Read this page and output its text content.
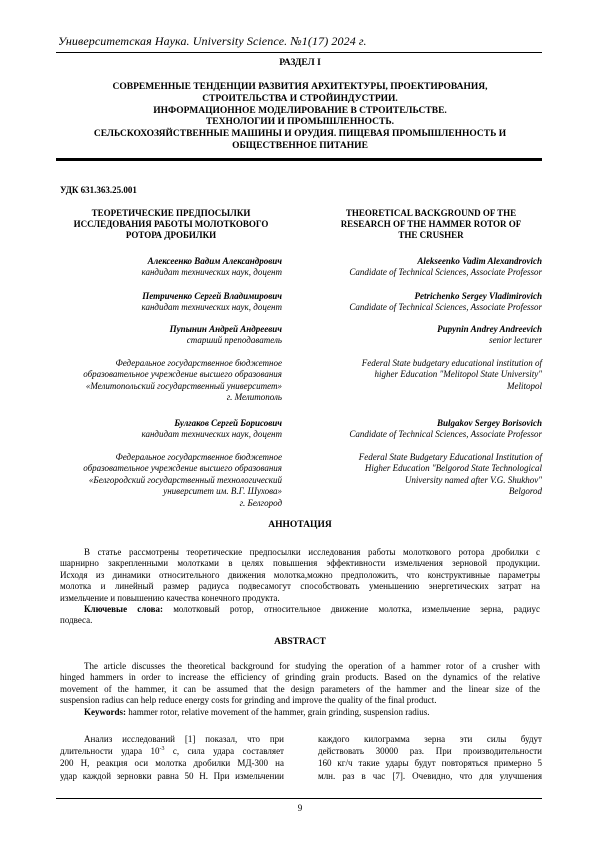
Университетская Наука. University Science. №1(17) 2024 г.
РАЗДЕЛ I
СОВРЕМЕННЫЕ ТЕНДЕНЦИИ РАЗВИТИЯ АРХИТЕКТУРЫ, ПРОЕКТИРОВАНИЯ,
СТРОИТЕЛЬСТВА И СТРОЙИНДУСТРИИ.
ИНФОРМАЦИОННОЕ МОДЕЛИРОВАНИЕ В СТРОИТЕЛЬСТВЕ.
ТЕХНОЛОГИИ И ПРОМЫШЛЕННОСТЬ.
СЕЛЬСКОХОЗЯЙСТВЕННЫЕ МАШИНЫ И ОРУДИЯ. ПИЩЕВАЯ ПРОМЫШЛЕННОСТЬ И
ОБЩЕСТВЕННОЕ ПИТАНИЕ
УДК 631.363.25.001
ТЕОРЕТИЧЕСКИЕ ПРЕДПОСЫЛКИ
ИССЛЕДОВАНИЯ РАБОТЫ МОЛОТКОВОГО
РОТОРА ДРОБИЛКИ
THEORETICAL BACKGROUND OF THE
RESEARCH OF THE HAMMER ROTOR OF
THE CRUSHER
Алексеенко Вадим Александрович
кандидат технических наук, доцент
Петриченко Сергей Владимирович
кандидат технических наук, доцент
Пупынин Андрей Андреевич
старший преподаватель
Федеральное государственное бюджетное
образовательное учреждение высшего образования
«Мелитопольский государственный университет»
г. Мелитополь
Булгаков Сергей Борисович
кандидат технических наук, доцент
Федеральное государственное бюджетное
образовательное учреждение высшего образования
«Белгородский государственный технологический
университет им. В.Г. Шухова»
г. Белгород
Alekseenko Vadim Alexandrovich
Candidate of Technical Sciences, Associate Professor
Petrichenko Sergey Vladimirovich
Candidate of Technical Sciences, Associate Professor
Pupynin Andrey Andreevich
senior lecturer
Federal State budgetary educational institution of
higher Education "Melitopol State University"
Melitopol
Bulgakov Sergey Borisovich
Candidate of Technical Sciences, Associate Professor
Federal State Budgetary Educational Institution of
Higher Education "Belgorod State Technological
University named after V.G. Shukhov"
Belgorod
АННОТАЦИЯ
В статье рассмотрены теоретические предпосылки исследования работы молоткового ротора дробилки с
шарнирно закрепленными молотками в целях повышения эффективности измельчения зерновой продукции.
Исходя из динамики относительного движения молотка,можно предположить, что конструктивные параметры
молотка и линейный размер радиуса подвесамогут способствовать уменьшению энергетических затрат на
измельчение и повышению качества конечного продукта.
Ключевые слова: молотковый ротор, относительное движение молотка, измельчение зерна, радиус
подвеса.
ABSTRACT
The article discusses the theoretical background for studying the operation of a hammer rotor of a crusher with
hinged hammers in order to increase the efficiency of grinding grain products. Based on the dynamics of the relative
movement of the hammer, it can be assumed that the design parameters of the hammer and the linear size of the
suspension radius can help reduce energy costs for grinding and improve the quality of the final product.
Keywords: hammer rotor, relative movement of the hammer, grain grinding, suspension radius.
Анализ исследований [1] показал, что при
длительности удара $10^{-3}$ с, сила удара составляет
200 Н, реакция оси молотка дробилки МД-300 на
удар каждой зерновки равна 50 Н. При измельчении
каждого килограмма зерна эти силы будут
действовать 30000 раз. При производительности
160 кг/ч такие удары будут повторяться примерно 5
млн. раз в час [7]. Очевидно, что для улучшения
9
